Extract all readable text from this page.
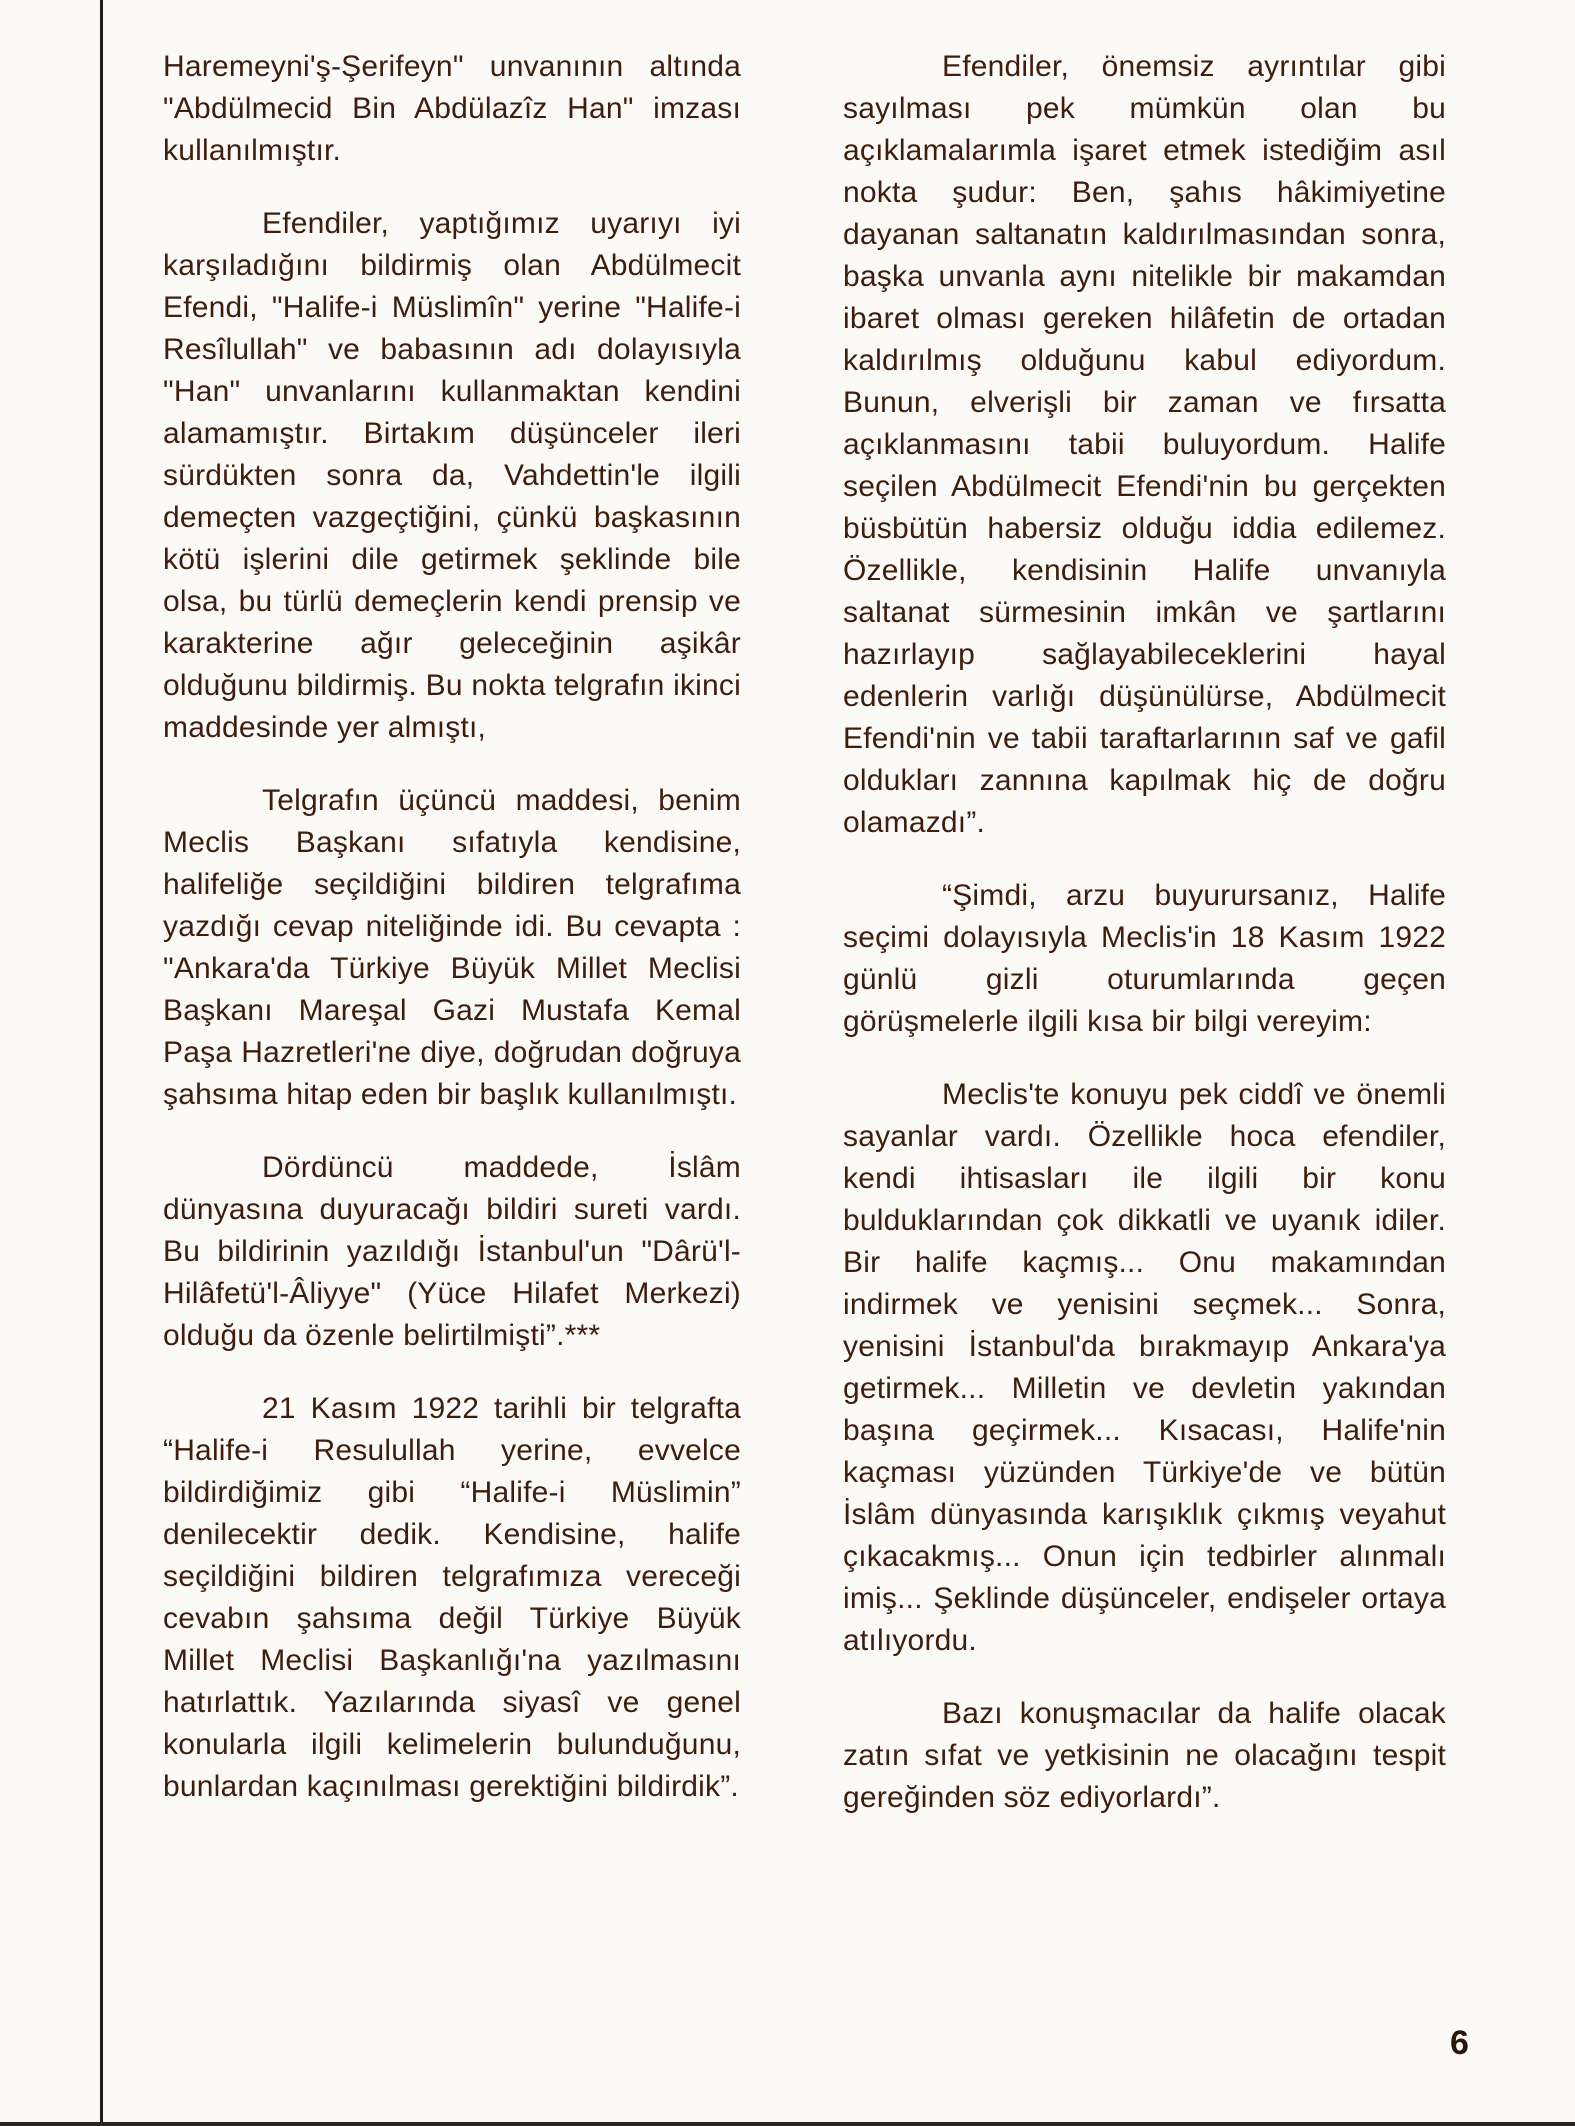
Haremeyni'ş-Şerifeyn" unvanının altında "Abdülmecid Bin Abdülazîz Han" imzası kullanılmıştır.

Efendiler, yaptığımız uyarıyı iyi karşıladığını bildirmiş olan Abdülmecit Efendi, "Halife-i Müslimîn" yerine "Halife-i Resîlullah" ve babasının adı dolayısıyla "Han" unvanlarını kullanmaktan kendini alamamıştır. Birtakım düşünceler ileri sürdükten sonra da, Vahdettin'le ilgili demeçten vazgeçtiğini, çünkü başkasının kötü işlerini dile getirmek şeklinde bile olsa, bu türlü demeçlerin kendi prensip ve karakterine ağır geleceğinin aşikâr olduğunu bildirmiş. Bu nokta telgrafın ikinci maddesinde yer almıştı,

Telgrafın üçüncü maddesi, benim Meclis Başkanı sıfatıyla kendisine, halifeliğe seçildiğini bildiren telgrafıma yazdığı cevap niteliğinde idi. Bu cevapta : "Ankara'da Türkiye Büyük Millet Meclisi Başkanı Mareşal Gazi Mustafa Kemal Paşa Hazretleri'ne diye, doğrudan doğruya şahsıma hitap eden bir başlık kullanılmıştı.

Dördüncü maddede, İslâm dünyasına duyuracağı bildiri sureti vardı. Bu bildirinin yazıldığı İstanbul'un "Dârü'l-Hilâfetü'l-Âliyye" (Yüce Hilafet Merkezi) olduğu da özenle belirtilmişti”.***

21 Kasım 1922 tarihli bir telgrafta “Halife-i Resulullah yerine, evvelce bildirdiğimiz gibi “Halife-i Müslimin” denilecektir dedik. Kendisine, halife seçildiğini bildiren telgrafımıza vereceği cevabın şahsıma değil Türkiye Büyük Millet Meclisi Başkanlığı'na yazılmasını hatırlattık. Yazılarında siyasî ve genel konularla ilgili kelimelerin bulunduğunu, bunlardan kaçınılması gerektiğini bildirdik”.

Efendiler, önemsiz ayrıntılar gibi sayılması pek mümkün olan bu açıklamalarımla işaret etmek istediğim asıl nokta şudur: Ben, şahıs hâkimiyetine dayanan saltanatın kaldırılmasından sonra, başka unvanla aynı nitelikle bir makamdan ibaret olması gereken hilâfetin de ortadan kaldırılmış olduğunu kabul ediyordum. Bunun, elverişli bir zaman ve fırsatta açıklanmasını tabii buluyordum. Halife seçilen Abdülmecit Efendi'nin bu gerçekten büsbütün habersiz olduğu iddia edilemez. Özellikle, kendisinin Halife unvanıyla saltanat sürmesinin imkân ve şartlarını hazırlayıp sağlayabileceklerini hayal edenlerin varlığı düşünülürse, Abdülmecit Efendi'nin ve tabii taraftarlarının saf ve gafil oldukları zannına kapılmak hiç de doğru olamazdı”.

“Şimdi, arzu buyurursanız, Halife seçimi dolayısıyla Meclis'in 18 Kasım 1922 günlü gizli oturumlarında geçen görüşmelerle ilgili kısa bir bilgi vereyim:

Meclis'te konuyu pek ciddî ve önemli sayanlar vardı. Özellikle hoca efendiler, kendi ihtisasları ile ilgili bir konu bulduklarından çok dikkatli ve uyanık idiler. Bir halife kaçmış... Onu makamından indirmek ve yenisini seçmek... Sonra, yenisini İstanbul'da bırakmayıp Ankara'ya getirmek... Milletin ve devletin yakından başına geçirmek... Kısacası, Halife'nin kaçması yüzünden Türkiye'de ve bütün İslâm dünyasında karışıklık çıkmış veyahut çıkacakmış... Onun için tedbirler alınmalı imiş... Şeklinde düşünceler, endişeler ortaya atılıyordu.

Bazı konuşmacılar da halife olacak zatın sıfat ve yetkisinin ne olacağını tespit gereğinden söz ediyorlardı”.

6
